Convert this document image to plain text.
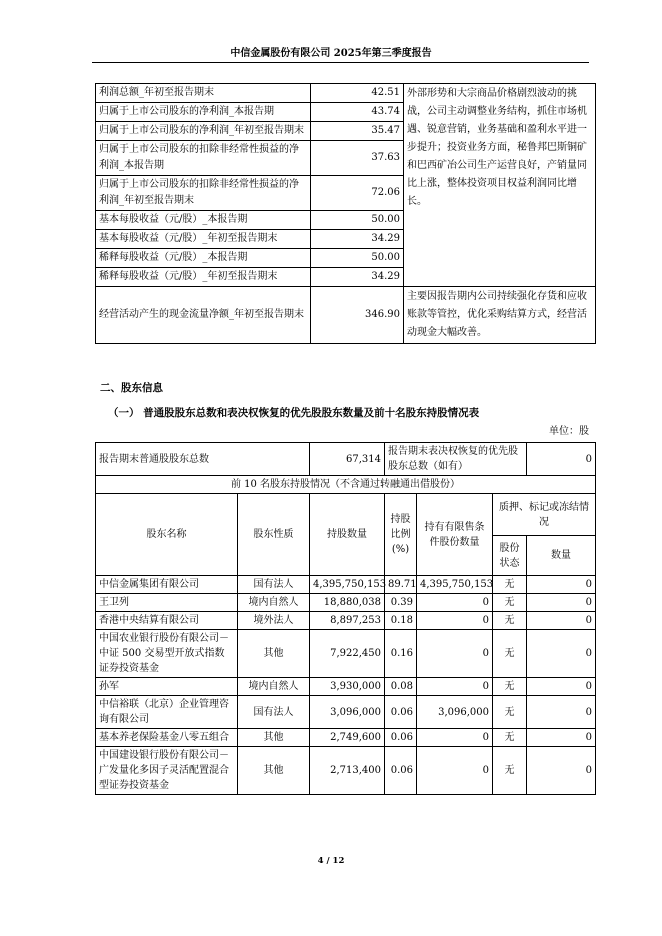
中信金属股份有限公司 2025年第三季度报告
利润总额_年初至报告期末	42.51	外部形势和大宗商品价格剧烈波动的挑战，公司主动调整业务结构，抓住市场机遇、锐意营销，业务基础和盈利水平进一步提升；投资业务方面，秘鲁邦巴斯铜矿和巴西矿冶公司生产运营良好，产销量同比上涨，整体投资项目权益利润同比增长。
归属于上市公司股东的净利润_本报告期	43.74	
归属于上市公司股东的净利润_年初至报告期末	35.47	
归属于上市公司股东的扣除非经常性损益的净利润_本报告期	37.63	
归属于上市公司股东的扣除非经常性损益的净利润_年初至报告期末	72.06	
基本每股收益（元/股）_本报告期	50.00	
基本每股收益（元/股）_年初至报告期末	34.29	
稀释每股收益（元/股）_本报告期	50.00	
稀释每股收益（元/股）_年初至报告期末	34.29	
经营活动产生的现金流量净额_年初至报告期末	346.90	主要因报告期内公司持续强化存货和应收账款等管控，优化采购结算方式，经营活动现金大幅改善。
二、股东信息
（一） 普通股股东总数和表决权恢复的优先股股东数量及前十名股东持股情况表
单位：股
报告期末普通股股东总数		67,314	报告期末表决权恢复的优先股股东总数（如有）			0
前 10 名股东持股情况（不含通过转融通出借股份）						
股东名称	股东性质	持股数量	持股比例(%)	持有有限售条件股份数量	质押、标记或冻结情况	
					股份状态	数量
中信金属集团有限公司	国有法人	4,395,750,153	89.71	4,395,750,153	无	0
王卫列	境内自然人	18,880,038	0.39	0	无	0
香港中央结算有限公司	境外法人	8,897,253	0.18	0	无	0
中国农业银行股份有限公司－中证 500 交易型开放式指数证券投资基金	其他	7,922,450	0.16	0	无	0
孙军	境内自然人	3,930,000	0.08	0	无	0
中信裕联（北京）企业管理咨询有限公司	国有法人	3,096,000	0.06	3,096,000	无	0
基本养老保险基金八零五组合	其他	2,749,600	0.06	0	无	0
中国建设银行股份有限公司－广发量化多因子灵活配置混合型证券投资基金	其他	2,713,400	0.06	0	无	0
4 / 12
